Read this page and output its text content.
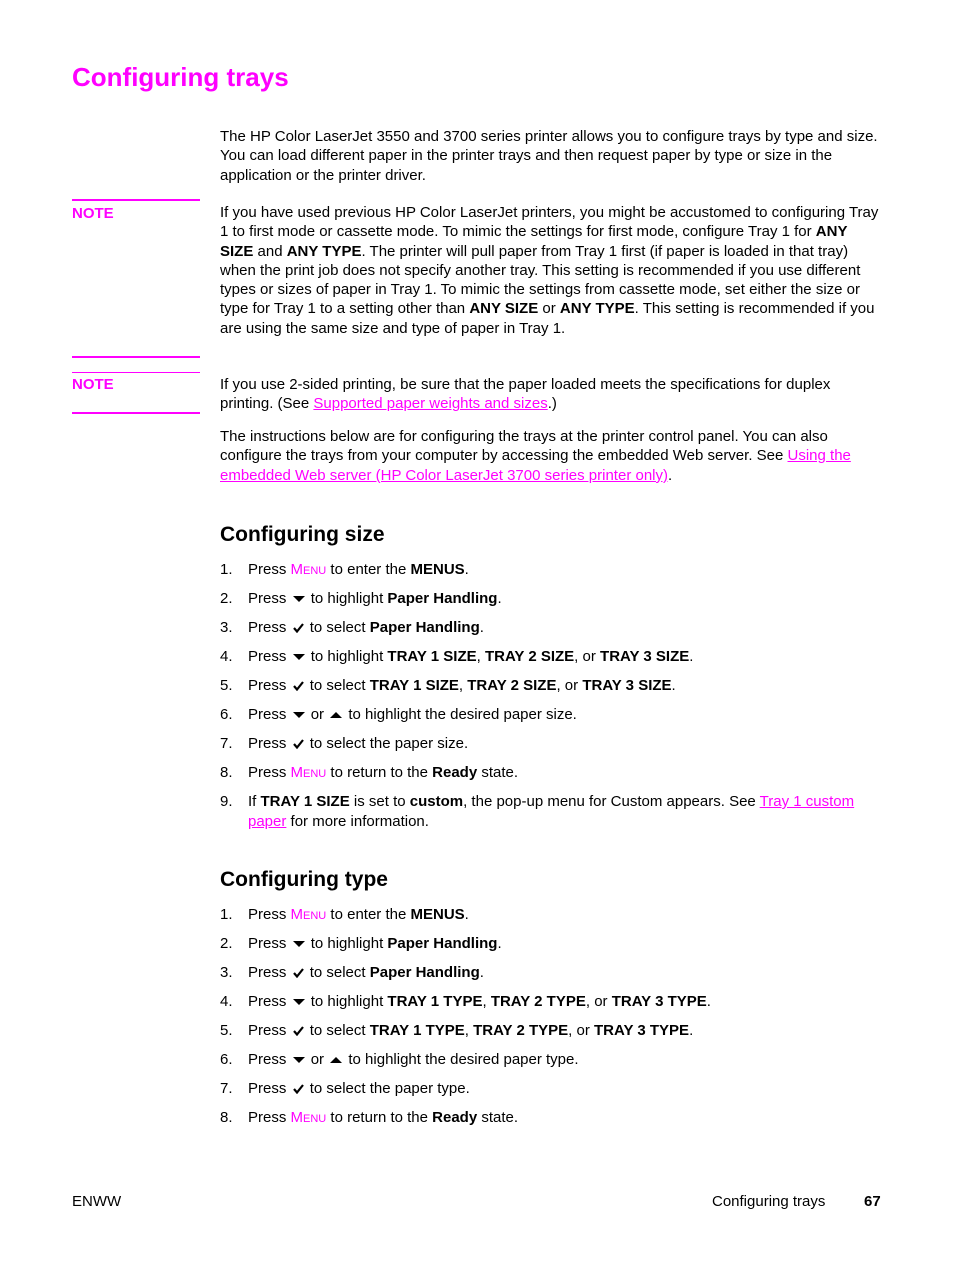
Configuring trays

The HP Color LaserJet 3550 and 3700 series printer allows you to configure trays by type and size. You can load different paper in the printer trays and then request paper by type or size in the application or the printer driver.

NOTE	If you have used previous HP Color LaserJet printers, you might be accustomed to configuring Tray 1 to first mode or cassette mode. To mimic the settings for first mode, configure Tray 1 for ANY SIZE and ANY TYPE. The printer will pull paper from Tray 1 first (if paper is loaded in that tray) when the print job does not specify another tray. This setting is recommended if you use different types or sizes of paper in Tray 1. To mimic the settings from cassette mode, set either the size or type for Tray 1 to a setting other than ANY SIZE or ANY TYPE. This setting is recommended if you are using the same size and type of paper in Tray 1.

NOTE	If you use 2-sided printing, be sure that the paper loaded meets the specifications for duplex printing. (See Supported paper weights and sizes.)

The instructions below are for configuring the trays at the printer control panel. You can also configure the trays from your computer by accessing the embedded Web server. See Using the embedded Web server (HP Color LaserJet 3700 series printer only).

Configuring size
1. Press Menu to enter the MENUS.
2. Press to highlight Paper Handling.
3. Press to select Paper Handling.
4. Press to highlight TRAY 1 SIZE, TRAY 2 SIZE, or TRAY 3 SIZE.
5. Press to select TRAY 1 SIZE, TRAY 2 SIZE, or TRAY 3 SIZE.
6. Press or to highlight the desired paper size.
7. Press to select the paper size.
8. Press Menu to return to the Ready state.
9. If TRAY 1 SIZE is set to custom, the pop-up menu for Custom appears. See Tray 1 custom paper for more information.
Configuring type
1. Press Menu to enter the MENUS.
2. Press to highlight Paper Handling.
3. Press to select Paper Handling.
4. Press to highlight TRAY 1 TYPE, TRAY 2 TYPE, or TRAY 3 TYPE.
5. Press to select TRAY 1 TYPE, TRAY 2 TYPE, or TRAY 3 TYPE.
6. Press or to highlight the desired paper type.
7. Press to select the paper type.
8. Press Menu to return to the Ready state.
ENWW	Configuring trays	67
